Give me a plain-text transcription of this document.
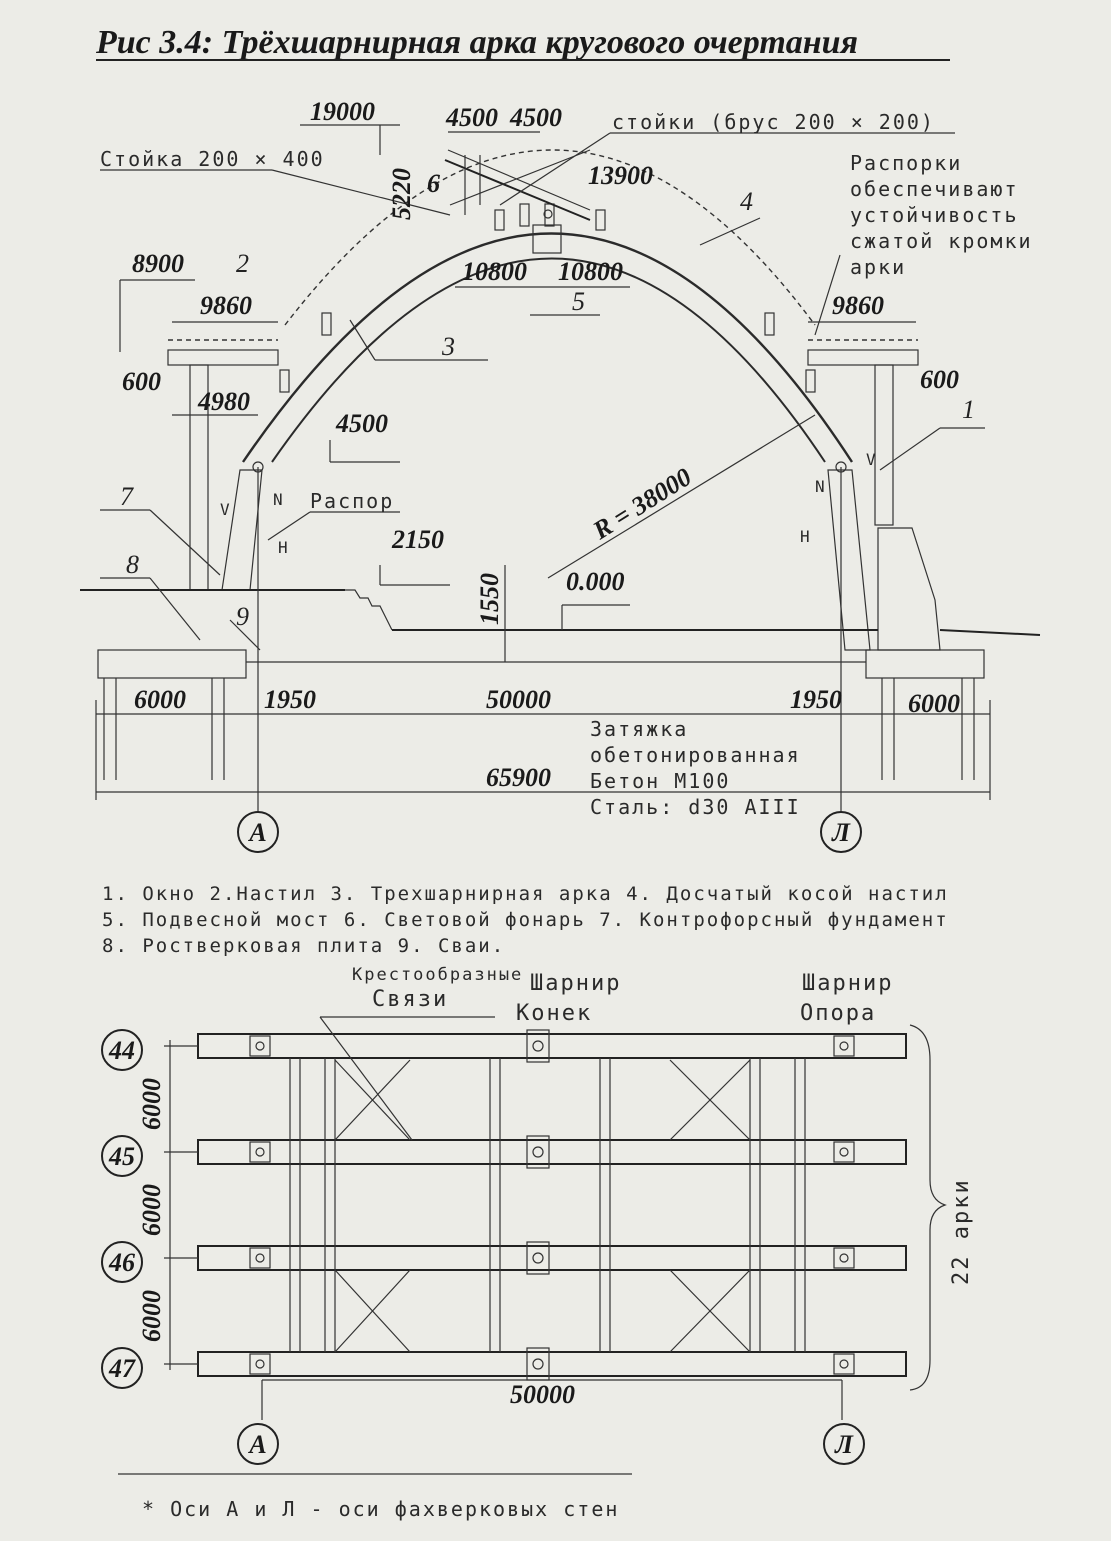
Рис 3.4: Трёхшарнирная арка кругового очертания
Стойка 200 × 400
стойки (брус 200 × 200)
Распорки
обеспечивают
устойчивость
сжатой кромки
арки
Распор
Затяжка
обетонированная
Бетон М100
Сталь: d30 AIII
R = 38000
V
N
H
V
N
H
19000	4500 4500
5220 6	13900
10800 10800
8900
9860	9860
600	600
4980
4500
2150
1550 0.000
6000	6000
1950	1950
50000
65900
1
2
3
4
5
7
8
9
А	Л
1. Окно 2.Настил 3. Трехшарнирная арка 4. Досчатый косой настил
5. Подвесной мост 6. Световой фонарь 7. Контрофорсный фундамент
8. Ростверковая плита 9. Сваи.
44
45
46
47
А	Л
6000
6000
6000
50000
Крестообразные
Связи
Шарнир
Конек
Шарнир
Опора
22 арки
* Оси А и Л - оси фахверковых стен
